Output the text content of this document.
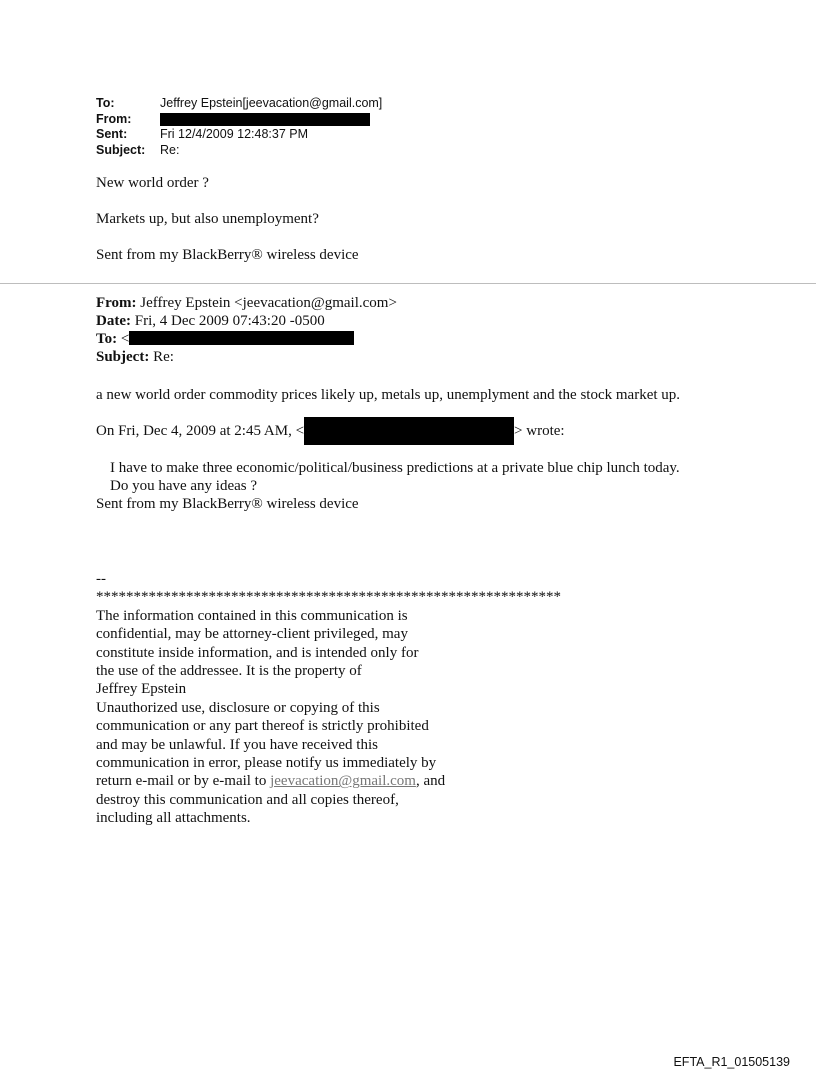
To:	Jeffrey Epstein[jeevacation@gmail.com]
From:
Sent:	Fri 12/4/2009 12:48:37 PM
Subject:	Re:

New world order ?

Markets up, but also unemployment?

Sent from my BlackBerry® wireless device

From: Jeffrey Epstein <jeevacation@gmail.com>
Date: Fri, 4 Dec 2009 07:43:20 -0500
To: <
Subject: Re:
a new world order commodity prices likely up, metals up, unemplyment and the stock market up.
On Fri, Dec 4, 2009 at 2:45 AM, <	> wrote:
I have to make three economic/political/business predictions at a private blue chip lunch today.
Do you have any ideas ?
Sent from my BlackBerry® wireless device
--
**************************************************************
The information contained in this communication is
confidential, may be attorney-client privileged, may
constitute inside information, and is intended only for
the use of the addressee. It is the property of
Jeffrey Epstein
Unauthorized use, disclosure or copying of this
communication or any part thereof is strictly prohibited
and may be unlawful. If you have received this
communication in error, please notify us immediately by
return e-mail or by e-mail to jeevacation@gmail.com, and
destroy this communication and all copies thereof,
including all attachments.
EFTA_R1_01505139
